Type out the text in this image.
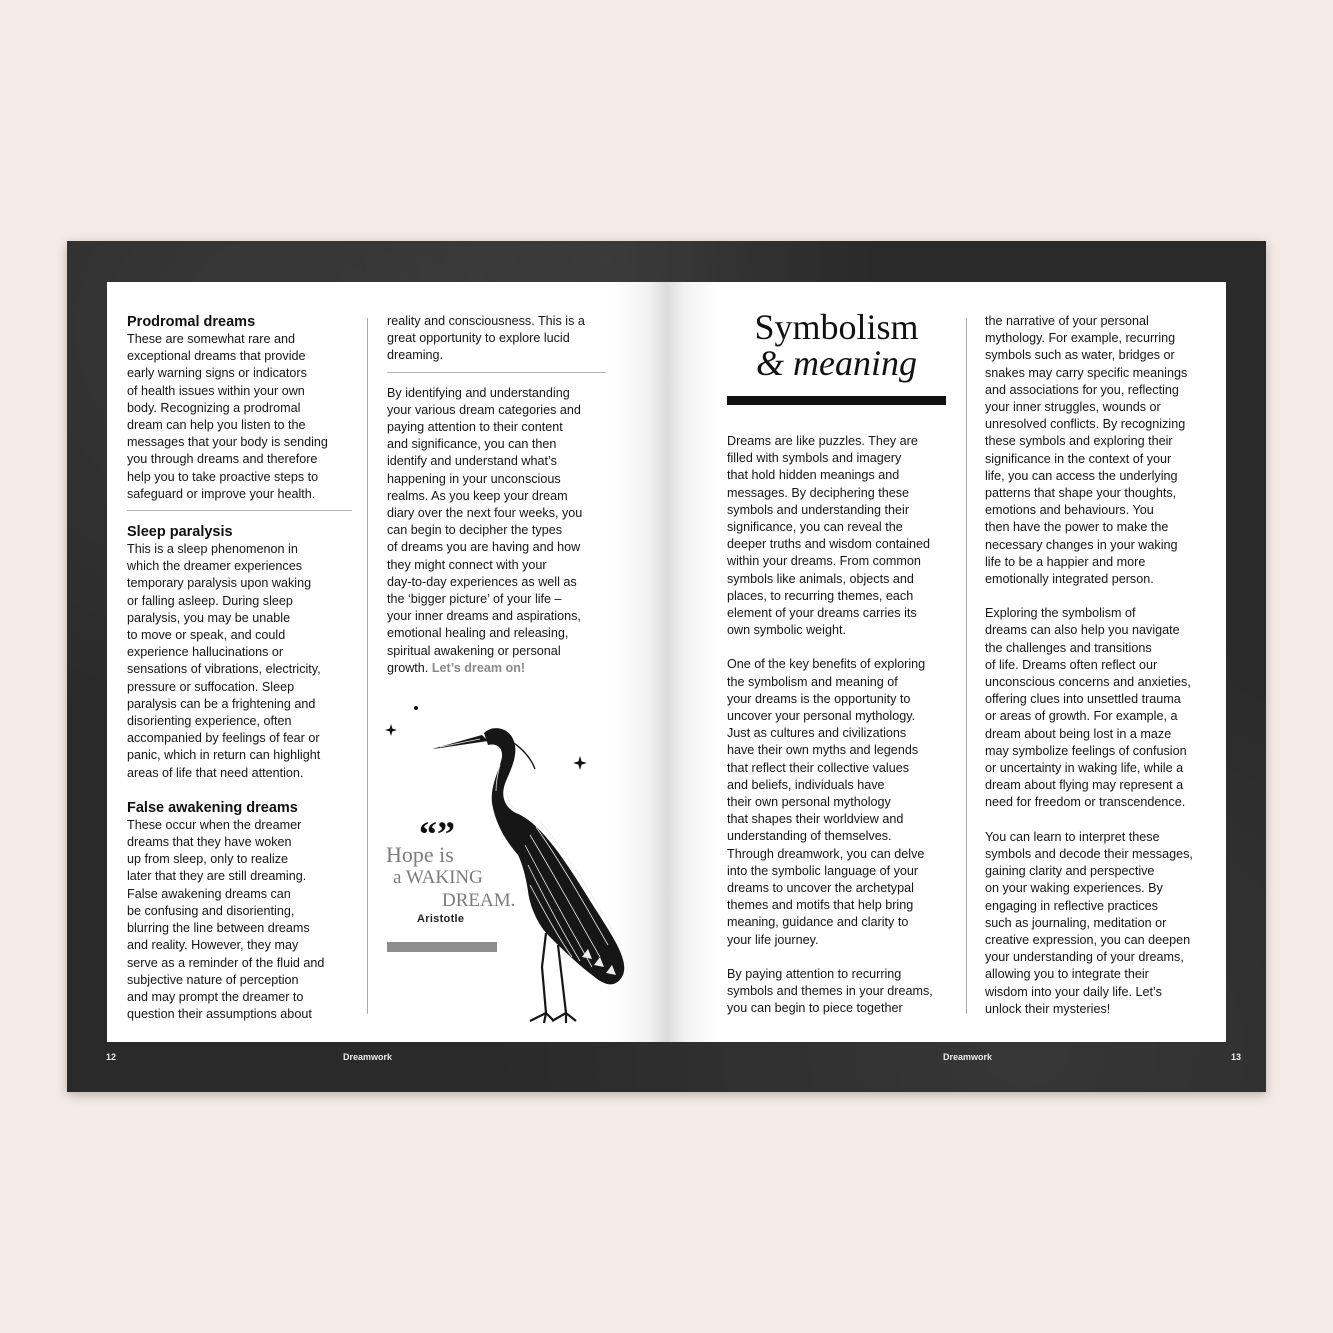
Prodromal dreams

These are somewhat rare and
exceptional dreams that provide
early warning signs or indicators
of health issues within your own
body. Recognizing a prodromal
dream can help you listen to the
messages that your body is sending
you through dreams and therefore
help you to take proactive steps to
safeguard or improve your health.

Sleep paralysis

This is a sleep phenomenon in
which the dreamer experiences
temporary paralysis upon waking
or falling asleep. During sleep
paralysis, you may be unable
to move or speak, and could
experience hallucinations or
sensations of vibrations, electricity,
pressure or suffocation. Sleep
paralysis can be a frightening and
disorienting experience, often
accompanied by feelings of fear or
panic, which in return can highlight
areas of life that need attention.

False awakening dreams

These occur when the dreamer
dreams that they have woken
up from sleep, only to realize
later that they are still dreaming.
False awakening dreams can
be confusing and disorienting,
blurring the line between dreams
and reality. However, they may
serve as a reminder of the fluid and
subjective nature of perception
and may prompt the dreamer to
question their assumptions about

reality and consciousness. This is a
great opportunity to explore lucid
dreaming.

By identifying and understanding
your various dream categories and
paying attention to their content
and significance, you can then
identify and understand what’s
happening in your unconscious
realms. As you keep your dream
diary over the next four weeks, you
can begin to decipher the types
of dreams you are having and how
they might connect with your
day-to-day experiences as well as
the ‘bigger picture’ of your life –
your inner dreams and aspirations,
emotional healing and releasing,
spiritual awakening or personal
growth. Let’s dream on!

“”
Hope is
a WAKING
DREAM.
Aristotle
Symbolism
& meaning

Dreams are like puzzles. They are
filled with symbols and imagery
that hold hidden meanings and
messages. By deciphering these
symbols and understanding their
significance, you can reveal the
deeper truths and wisdom contained
within your dreams. From common
symbols like animals, objects and
places, to recurring themes, each
element of your dreams carries its
own symbolic weight.

One of the key benefits of exploring
the symbolism and meaning of
your dreams is the opportunity to
uncover your personal mythology.
Just as cultures and civilizations
have their own myths and legends
that reflect their collective values
and beliefs, individuals have
their own personal mythology
that shapes their worldview and
understanding of themselves.
Through dreamwork, you can delve
into the symbolic language of your
dreams to uncover the archetypal
themes and motifs that help bring
meaning, guidance and clarity to
your life journey.

By paying attention to recurring
symbols and themes in your dreams,
you can begin to piece together

the narrative of your personal
mythology. For example, recurring
symbols such as water, bridges or
snakes may carry specific meanings
and associations for you, reflecting
your inner struggles, wounds or
unresolved conflicts. By recognizing
these symbols and exploring their
significance in the context of your
life, you can access the underlying
patterns that shape your thoughts,
emotions and behaviours. You
then have the power to make the
necessary changes in your waking
life to be a happier and more
emotionally integrated person.

Exploring the symbolism of
dreams can also help you navigate
the challenges and transitions
of life. Dreams often reflect our
unconscious concerns and anxieties,
offering clues into unsettled trauma
or areas of growth. For example, a
dream about being lost in a maze
may symbolize feelings of confusion
or uncertainty in waking life, while a
dream about flying may represent a
need for freedom or transcendence.

You can learn to interpret these
symbols and decode their messages,
gaining clarity and perspective
on your waking experiences. By
engaging in reflective practices
such as journaling, meditation or
creative expression, you can deepen
your understanding of your dreams,
allowing you to integrate their
wisdom into your daily life. Let’s
unlock their mysteries!

12	Dreamwork	Dreamwork	13
